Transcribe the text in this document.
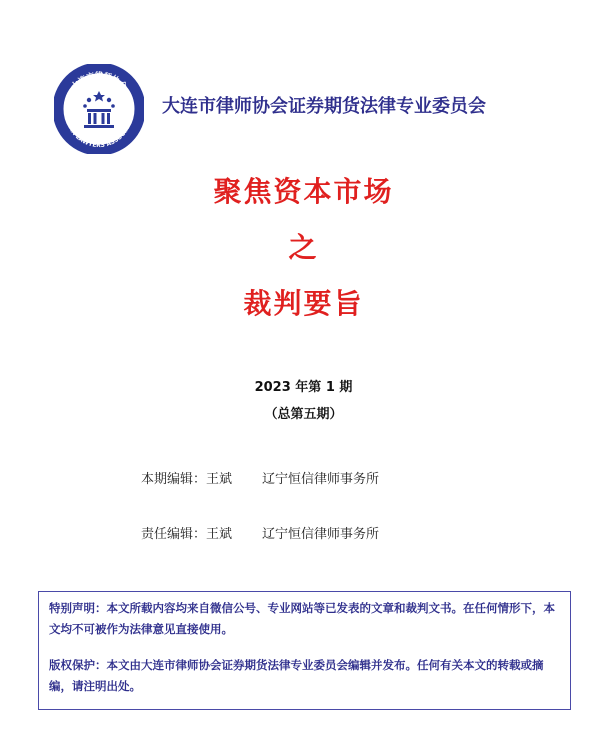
大连市律师协会
DALIAN LAWYERS ASSOCIATION 大连市律师协会证券期货法律专业委员会
聚焦资本市场
之
裁判要旨
2023 年第 1 期
（总第五期）
本期编辑：王斌 辽宁恒信律师事务所
责任编辑：王斌 辽宁恒信律师事务所

特别声明：本文所载内容均来自微信公号、专业网站等已发表的文章和裁判文书。在任何情形下，本文均不可被作为法律意见直接使用。

版权保护：本文由大连市律师协会证券期货法律专业委员会编辑并发布。任何有关本文的转载或摘编，请注明出处。
